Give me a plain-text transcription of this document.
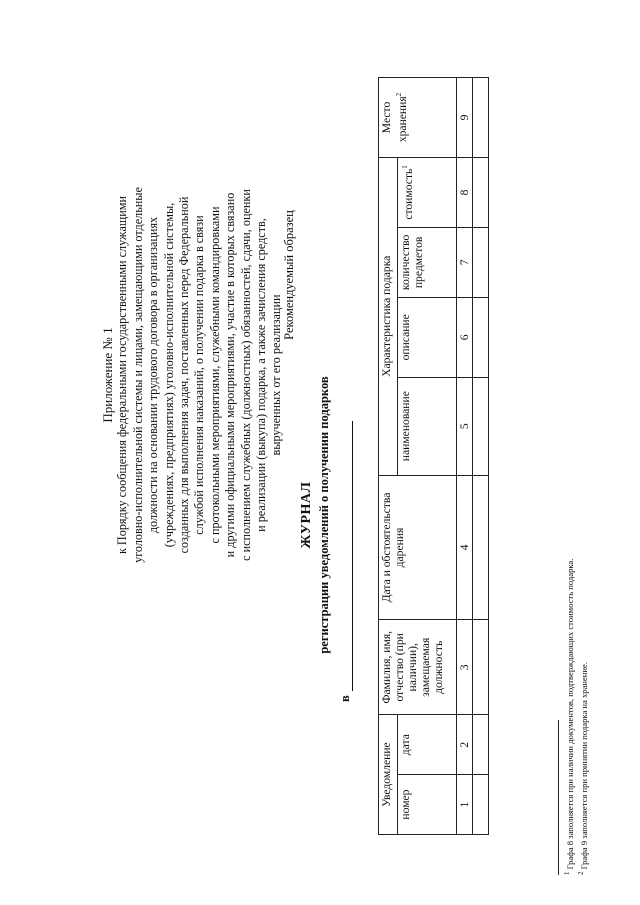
Приложение № 1 к Порядку сообщения федеральными государственными служащими уголовно-исполнительной системы и лицами, замещающими отдельные должности на основании трудового договора в организациях (учреждениях, предприятиях) уголовно-исполнительной системы, созданных для выполнения задач, поставленных перед Федеральной службой исполнения наказаний, о получении подарка в связи с протокольными мероприятиями, служебными командировками и другими официальными мероприятиями, участие в которых связано с исполнением служебных (должностных) обязанностей, сдачи, оценки и реализации (выкупа) подарка, а также зачисления средств, вырученных от его реализации
Рекомендуемый образец
ЖУРНАЛ регистрации уведомлений о получении подарков
в
Уведомление		Фамилия, имя, отчество (при наличии), замещаемая должность	Дата и обстоятельства дарения	Характеристика подарка				Место хранения$^2$
номер	дата			наименование	описание	количество предметов	стоимость$^1$
1	2	3	4	5	6	7	8	9

$^1$ Графа 8 заполняется при наличии документов, подтверждающих стоимость подарка.
$^2$ Графа 9 заполняется при принятии подарка на хранение.
